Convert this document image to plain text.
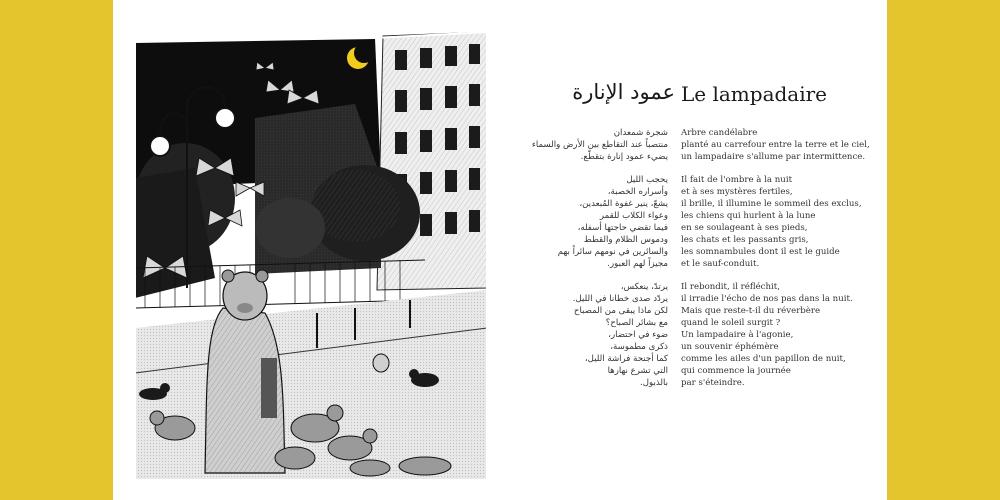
عمود الإنارة Le lampadaire
شجرة شمعدان
منتصباً عند التقاطع بين الأرض والسماء
يضيء عمود إنارة بتقطّع.
يحجب الليل
وأسراره الخصبة،
يشعّ، ينير غفوة المُبعدين،
وعواء الكلاب للقمر
فيما تقضي حاجتها أسفله،
ودموس الظلام والقطط
والسائرين في نومهم سائراً بهم
مجيزاً لهم العبور.
يرتدّ، ينعكس،
يردّد صدى خطانا في الليل.
لكن ماذا يبقى من المصباح
مع بشائر الصباح؟
ضوء في احتضار،
ذكرى مطموسة،
كما أجنحة فراشة الليل،
التي تشرع نهارها
بالذبول.
Arbre candélabre
planté au carrefour entre la terre et le ciel,
un lampadaire s'allume par intermittence.
Il fait de l'ombre à la nuit
et à ses mystères fertiles,
il brille, il illumine le sommeil des exclus,
les chiens qui hurlent à la lune
en se soulageant à ses pieds,
les chats et les passants gris,
les somnambules dont il est le guide
et le sauf-conduit.
Il rebondit, il réfléchit,
il irradie l'écho de nos pas dans la nuit.
Mais que reste-t-il du réverbère
quand le soleil surgit ?
Un lampadaire à l'agonie,
un souvenir éphémère
comme les ailes d'un papillon de nuit,
qui commence la journée
par s'éteindre.
